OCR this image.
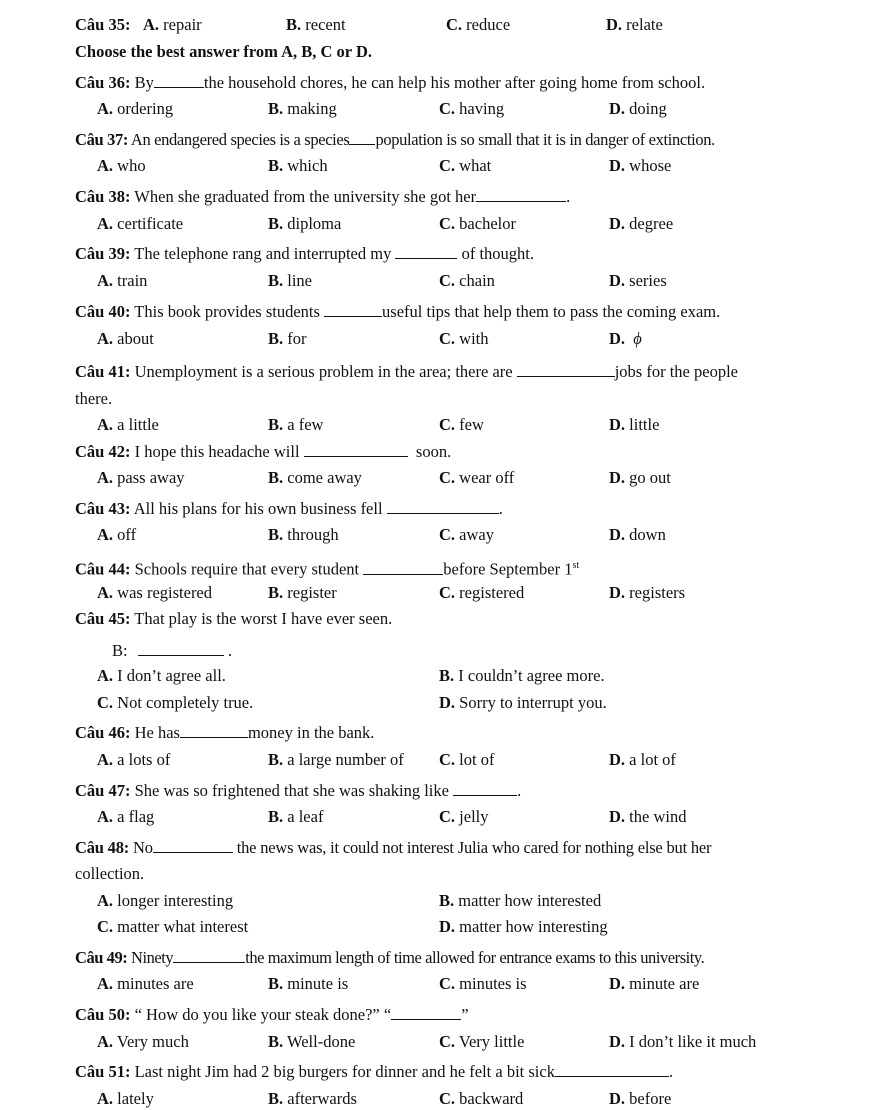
Câu 35: A. repair	B. recent	C. reduce	D. relate
Choose the best answer from A, B, C or D.
Câu 36: By	the household chores, he can help his mother after going home from school.
A. ordering	B. making	C. having	D. doing
Câu 37: An endangered species is a species population is so small that it is in danger of extinction.
A. who	B. which	C. what	D. whose
Câu 38: When she graduated from the university she got her	.
A. certificate	B. diploma	C. bachelor	D. degree
Câu 39: The telephone rang and interrupted my	of thought.
A. train	B. line	C. chain	D. series
Câu 40: This book provides students	useful tips that help them to pass the coming exam.
A. about	B. for	C. with	D. ϕ
Câu 41: Unemployment is a serious problem in the area; there are	jobs for the people
there.
A. a little	B. a few	C. few	D. little
Câu 42: I hope this headache will	soon.
A. pass away	B. come away	C. wear off	D. go out
Câu 43: All his plans for his own business fell	.
A. off	B. through	C. away	D. down
Câu 44: Schools require that every student	before September 1st
A. was registered	B. register	C. registered	D. registers
Câu 45: That play is the worst I have ever seen.
B:	.
A. I don’t agree all.	B. I couldn’t agree more.
C. Not completely true.	D. Sorry to interrupt you.
Câu 46: He has	money in the bank.
A. a lots of	B. a large number of C. lot of	D. a lot of
Câu 47: She was so frightened that she was shaking like	.
A. a flag	B. a leaf	C. jelly	D. the wind
Câu 48: No	the news was, it could not interest Julia who cared for nothing else but her
collection.
A. longer interesting	B. matter how interested
C. matter what interest	D. matter how interesting
Câu 49: Ninety	the maximum length of time allowed for entrance exams to this university.
A. minutes are	B. minute is	C. minutes is	D. minute are
Câu 50: “ How do you like your steak done?” “	”
A. Very much	B. Well-done	C. Very little	D. I don’t like it much
Câu 51: Last night Jim had 2 big burgers for dinner and he felt a bit sick	.
A. lately	B. afterwards	C. backward	D. before
